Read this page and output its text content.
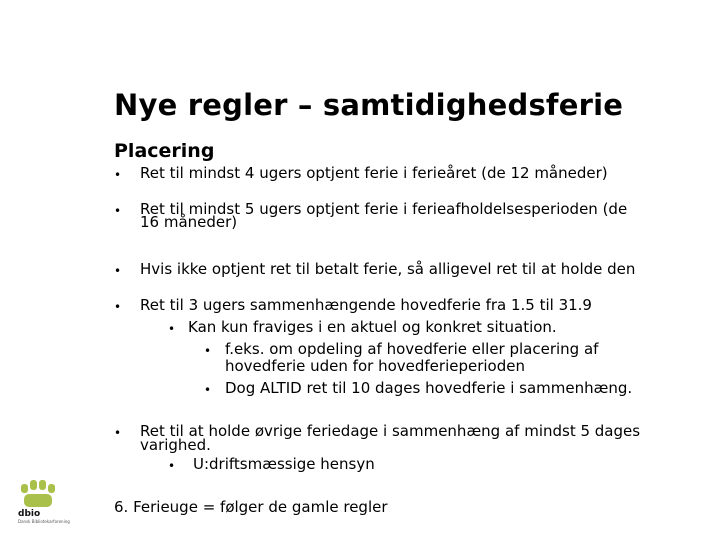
Nye regler – samtidighedsferie
Placering
• Ret til mindst 4 ugers optjent ferie i ferieåret (de 12 måneder)
• Ret til mindst 5 ugers optjent ferie i ferieafholdelsesperioden (de
16 måneder)
• Hvis ikke optjent ret til betalt ferie, så alligevel ret til at holde den
• Ret til 3 ugers sammenhængende hovedferie fra 1.5 til 31.9
• Kan kun fraviges i en aktuel og konkret situation.
• f.eks. om opdeling af hovedferie eller placering af
hovedferie uden for hovedferieperioden
• Dog ALTID ret til 10 dages hovedferie i sammenhæng.
• Ret til at holde øvrige feriedage i sammenhæng af mindst 5 dages
varighed.
• U:driftsmæssige hensyn
6. Ferieuge = følger de gamle regler
dbio
Dansk Bibliotekarforening
